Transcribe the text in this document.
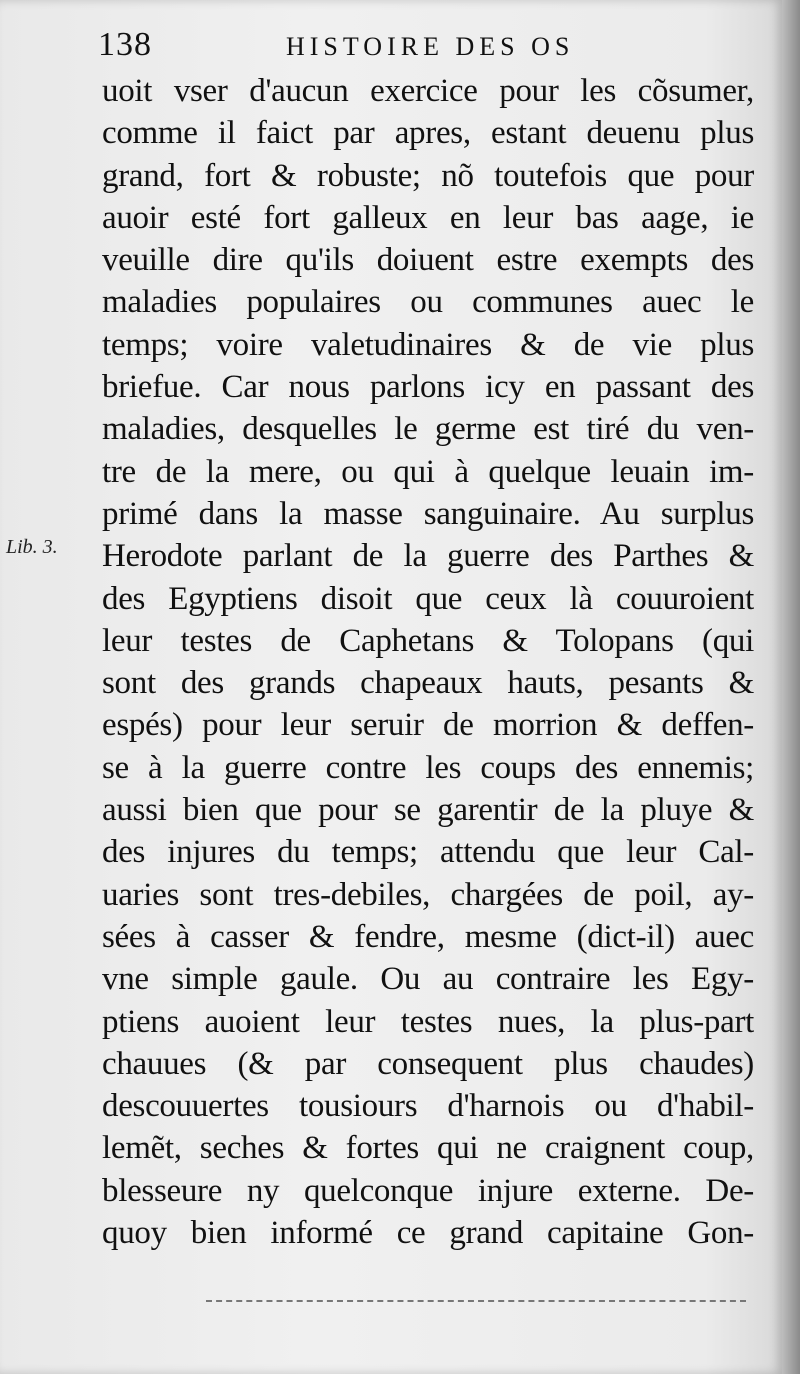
138	HISTOIRE DES OS
Lib. 3.
uoit vser d'aucun exercice pour les cõsumer,
comme il faict par apres, estant deuenu plus
grand, fort & robuste; nõ toutefois que pour
auoir esté fort galleux en leur bas aage, ie
veuille dire qu'ils doiuent estre exempts des
maladies populaires ou communes auec le
temps; voire valetudinaires & de vie plus
briefue. Car nous parlons icy en passant des
maladies, desquelles le germe est tiré du ven-
tre de la mere, ou qui à quelque leuain im-
primé dans la masse sanguinaire. Au surplus
Herodote parlant de la guerre des Parthes &
des Egyptiens disoit que ceux là couuroient
leur testes de Caphetans & Tolopans (qui
sont des grands chapeaux hauts, pesants &
espés) pour leur seruir de morrion & deffen-
se à la guerre contre les coups des ennemis;
aussi bien que pour se garentir de la pluye &
des injures du temps; attendu que leur Cal-
uaries sont tres-debiles, chargées de poil, ay-
sées à casser & fendre, mesme (dict-il) auec
vne simple gaule. Ou au contraire les Egy-
ptiens auoient leur testes nues, la plus-part
chauues (& par consequent plus chaudes)
descouuertes tousiours d'harnois ou d'habil-
lemẽt, seches & fortes qui ne craignent coup,
blesseure ny quelconque injure externe. De-
quoy bien informé ce grand capitaine Gon-
